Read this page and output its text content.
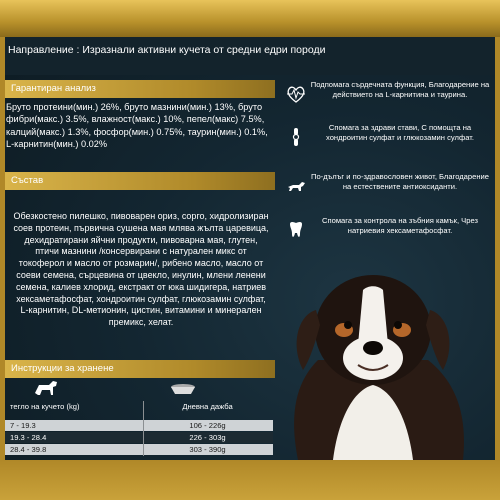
Направление : Изразнали активни кучета от средни едри породи
Гарантиран анализ
Бруто протеини(мин.) 26%, бруто мазнини(мин.) 13%, бруто фибри(макс.) 3.5%, влажност(макс.) 10%, пепел(макс) 7.5%, калций(макс.) 1.3%, фосфор(мин.) 0.75%, таурин(мин.) 0.1%, L-карнитин(мин.) 0.02%
Състав
Обезкостено пилешко, пивоварен ориз, сорго, хидролизиран соев протеин, първична сушена мая млява жълта царевица, дехидратирани яйчни продукти, пивоварна мая, глутен, птичи мазнини /консервирани с натурален микс от токоферол и масло от розмарин/, рибено масло, масло от соеви семена, сърцевина от цвекло, инулин, млени ленени семена, калиев хлорид, екстракт от юка шидигера, натриев хексаметафосфат, хондроитин сулфат, глюкозамин сулфат, L-карнитин, DL-метионин, цистин, витамини и минерален премикс, хелат.
Подпомага сърдечната функция, Благодарение на действието на L-карнитина и таурина.
Спомага за здрави стави, С помощта на хондроитин сулфат и глюкозамин сулфат.
По-дълъг и по-здравословен живот, Благодарение на естествените антиоксиданти.
Спомага за контрола на зъбния камък, Чрез натриевия хексаметафосфат.
Инструкции за хранене
тегло на кучето (kg)	Дневна дажба
7 - 19.3	106 - 226g
19.3 - 28.4	226 - 303g
28.4 - 39.8	303 - 390g
